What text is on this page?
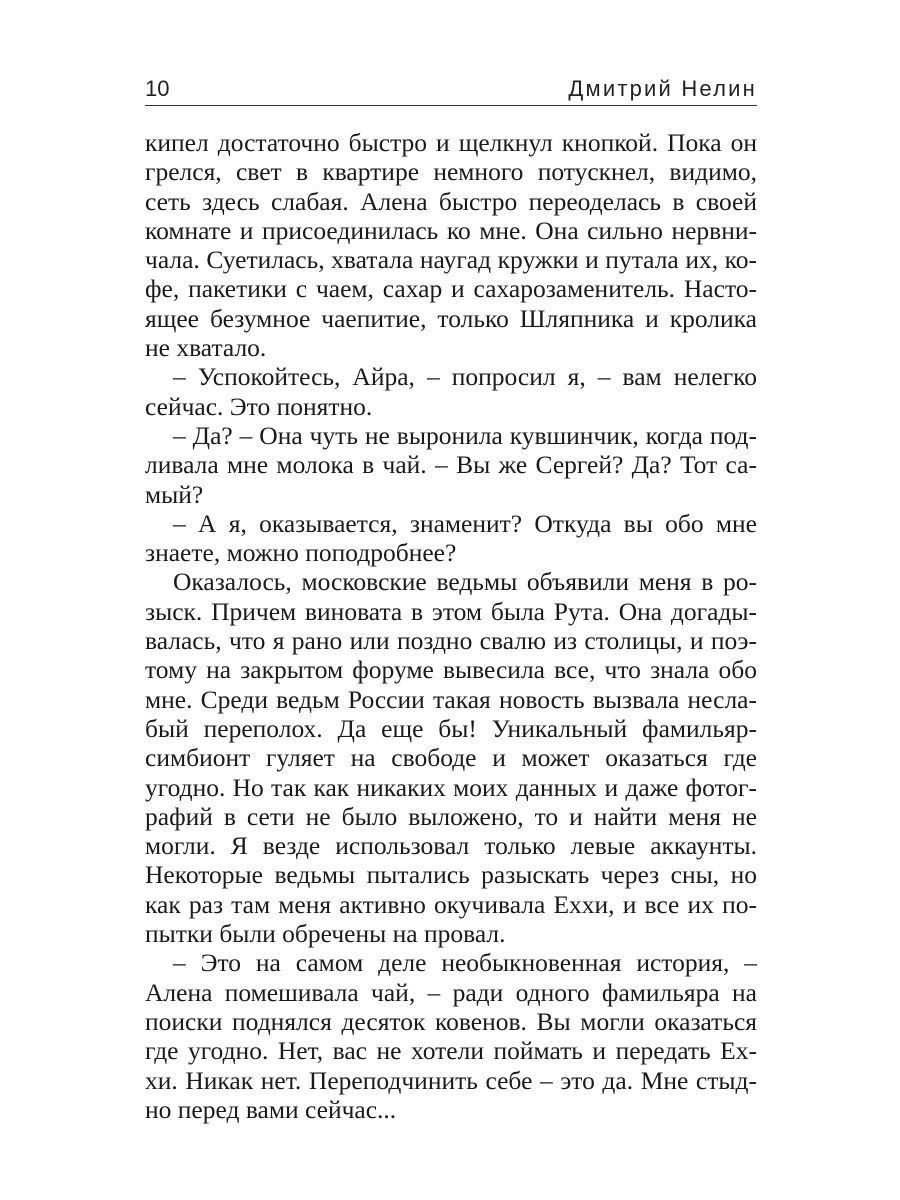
10	Дмитрий Нелин
кипел достаточно быстро и щелкнул кнопкой. Пока он
грелся, свет в квартире немного потускнел, видимо,
сеть здесь слабая. Алена быстро переоделась в своей
комнате и присоединилась ко мне. Она сильно нервни-
чала. Суетилась, хватала наугад кружки и путала их, ко-
фе, пакетики с чаем, сахар и сахарозаменитель. Насто-
ящее безумное чаепитие, только Шляпника и кролика
не хватало.
– Успокойтесь, Айра, – попросил я, – вам нелегко
сейчас. Это понятно.
– Да? – Она чуть не выронила кувшинчик, когда под-
ливала мне молока в чай. – Вы же Сергей? Да? Тот са-
мый?
– А я, оказывается, знаменит? Откуда вы обо мне
знаете, можно поподробнее?
Оказалось, московские ведьмы объявили меня в ро-
зыск. Причем виновата в этом была Рута. Она догады-
валась, что я рано или поздно свалю из столицы, и поэ-
тому на закрытом форуме вывесила все, что знала обо
мне. Среди ведьм России такая новость вызвала несла-
бый переполох. Да еще бы! Уникальный фамильяр-
симбионт гуляет на свободе и может оказаться где
угодно. Но так как никаких моих данных и даже фотог-
рафий в сети не было выложено, то и найти меня не
могли. Я везде использовал только левые аккаунты.
Некоторые ведьмы пытались разыскать через сны, но
как раз там меня активно окучивала Ехxи, и все их по-
пытки были обречены на провал.
– Это на самом деле необыкновенная история, –
Алена помешивала чай, – ради одного фамильяра на
поиски поднялся десяток ковенов. Вы могли оказаться
где угодно. Нет, вас не хотели поймать и передать Ех-
хи. Никак нет. Переподчинить себе – это да. Мне стыд-
но перед вами сейчас...
